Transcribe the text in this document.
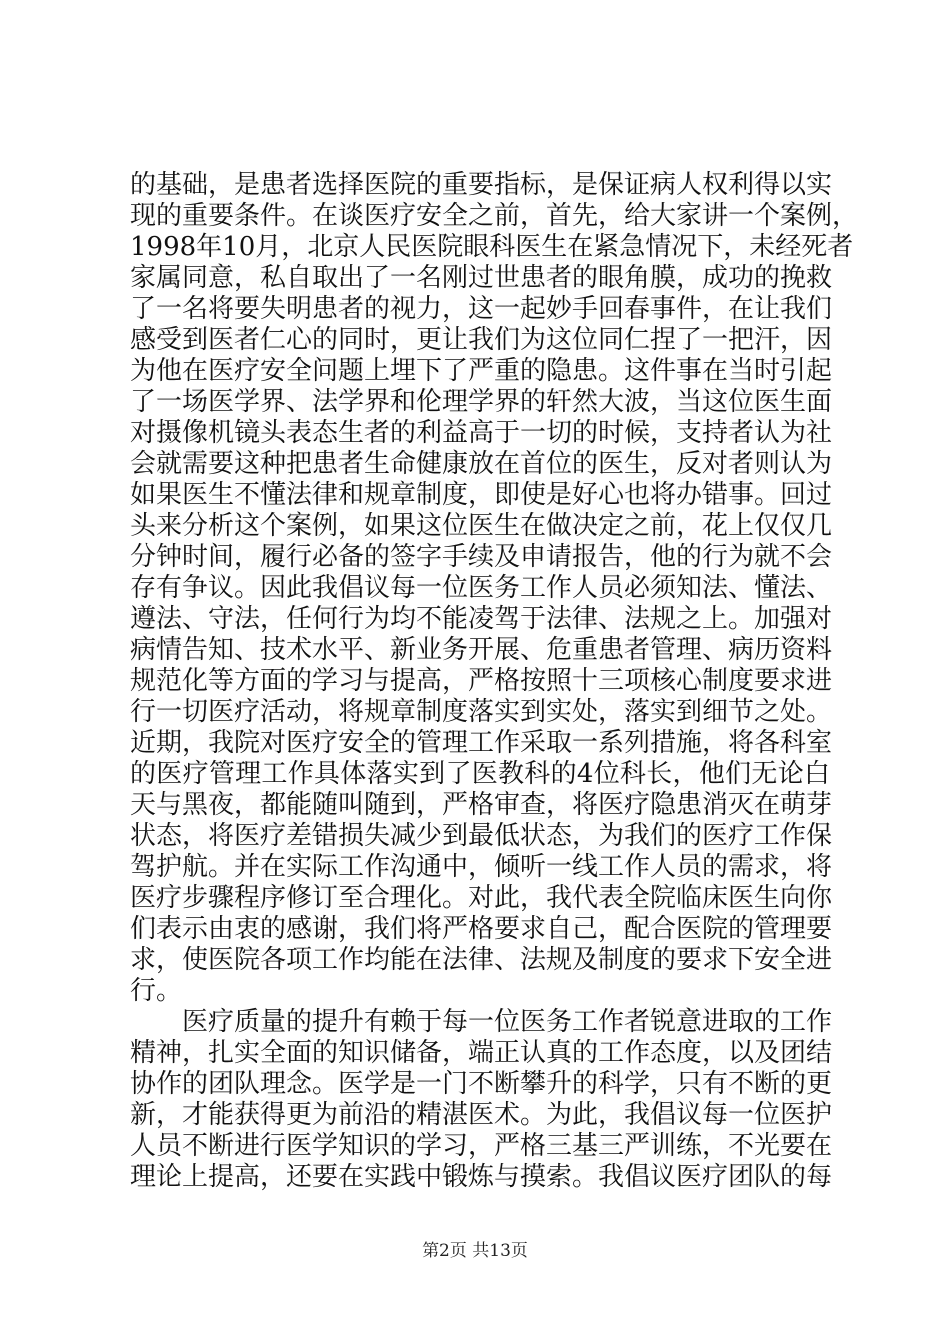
的基础，是患者选择医院的重要指标，是保证病人权利得以实
现的重要条件。在谈医疗安全之前，首先，给大家讲一个案例，
1998年10月，北京人民医院眼科医生在紧急情况下，未经死者
家属同意，私自取出了一名刚过世患者的眼角膜，成功的挽救
了一名将要失明患者的视力，这一起妙手回春事件，在让我们
感受到医者仁心的同时，更让我们为这位同仁捏了一把汗，因
为他在医疗安全问题上埋下了严重的隐患。这件事在当时引起
了一场医学界、法学界和伦理学界的轩然大波，当这位医生面
对摄像机镜头表态生者的利益高于一切的时候，支持者认为社
会就需要这种把患者生命健康放在首位的医生，反对者则认为
如果医生不懂法律和规章制度，即使是好心也将办错事。回过
头来分析这个案例，如果这位医生在做决定之前，花上仅仅几
分钟时间，履行必备的签字手续及申请报告，他的行为就不会
存有争议。因此我倡议每一位医务工作人员必须知法、懂法、
遵法、守法，任何行为均不能凌驾于法律、法规之上。加强对
病情告知、技术水平、新业务开展、危重患者管理、病历资料
规范化等方面的学习与提高，严格按照十三项核心制度要求进
行一切医疗活动，将规章制度落实到实处，落实到细节之处。
近期，我院对医疗安全的管理工作采取一系列措施，将各科室
的医疗管理工作具体落实到了医教科的4位科长，他们无论白
天与黑夜，都能随叫随到，严格审查，将医疗隐患消灭在萌芽
状态，将医疗差错损失减少到最低状态，为我们的医疗工作保
驾护航。并在实际工作沟通中，倾听一线工作人员的需求，将
医疗步骤程序修订至合理化。对此，我代表全院临床医生向你
们表示由衷的感谢，我们将严格要求自己，配合医院的管理要
求，使医院各项工作均能在法律、法规及制度的要求下安全进
行。
医疗质量的提升有赖于每一位医务工作者锐意进取的工作
精神，扎实全面的知识储备，端正认真的工作态度，以及团结
协作的团队理念。医学是一门不断攀升的科学，只有不断的更
新，才能获得更为前沿的精湛医术。为此，我倡议每一位医护
人员不断进行医学知识的学习，严格三基三严训练，不光要在
理论上提高，还要在实践中锻炼与摸索。我倡议医疗团队的每
第2页 共13页
